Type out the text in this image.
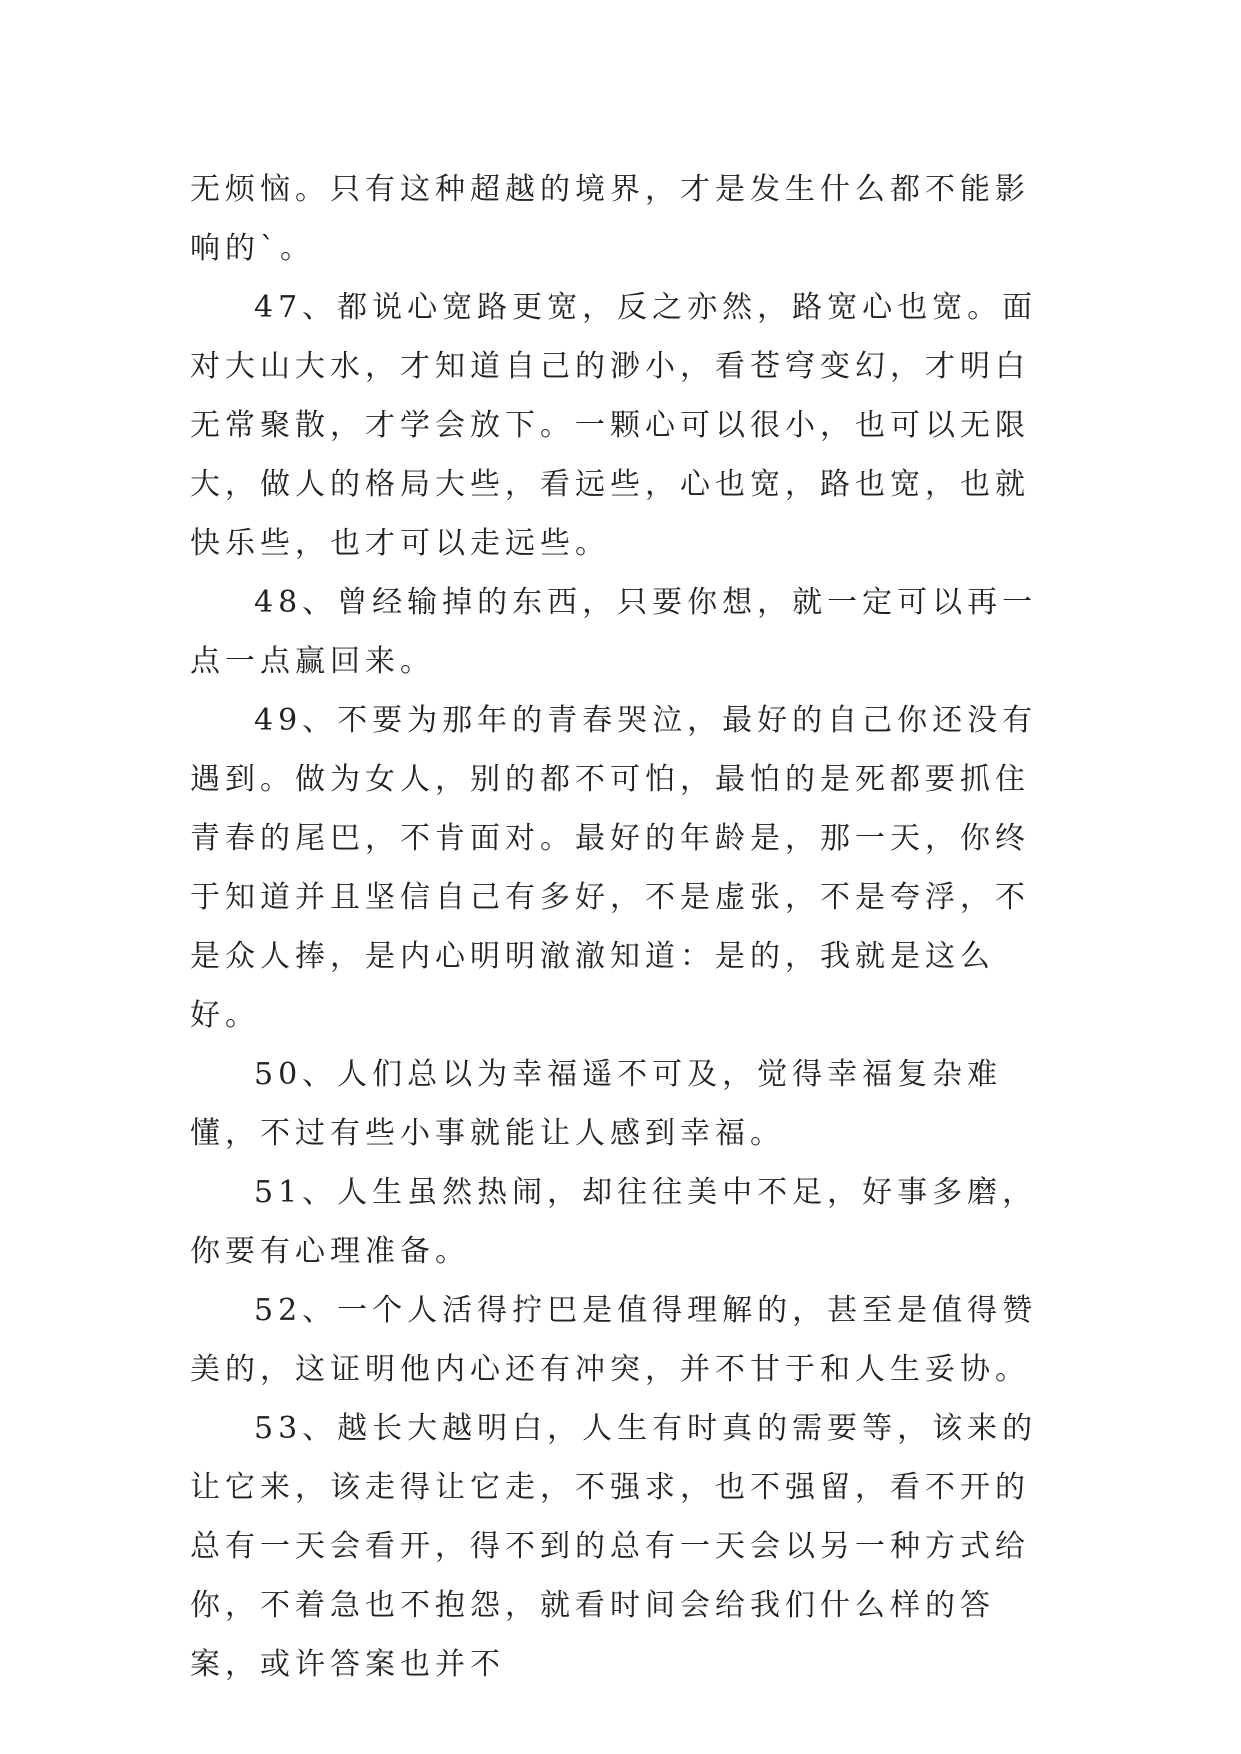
无烦恼。只有这种超越的境界，才是发生什么都不能影响的`。

47、都说心宽路更宽，反之亦然，路宽心也宽。面对大山大水，才知道自己的渺小，看苍穹变幻，才明白无常聚散，才学会放下。一颗心可以很小，也可以无限大，做人的格局大些，看远些，心也宽，路也宽，也就快乐些，也才可以走远些。

48、曾经输掉的东西，只要你想，就一定可以再一点一点赢回来。

49、不要为那年的青春哭泣，最好的自己你还没有遇到。做为女人，别的都不可怕，最怕的是死都要抓住青春的尾巴，不肯面对。最好的年龄是，那一天，你终于知道并且坚信自己有多好，不是虚张，不是夸浮，不是众人捧，是内心明明澈澈知道：是的，我就是这么好。

50、人们总以为幸福遥不可及，觉得幸福复杂难懂，不过有些小事就能让人感到幸福。

51、人生虽然热闹，却往往美中不足，好事多磨，你要有心理准备。

52、一个人活得拧巴是值得理解的，甚至是值得赞美的，这证明他内心还有冲突，并不甘于和人生妥协。

53、越长大越明白，人生有时真的需要等，该来的让它来，该走得让它走，不强求，也不强留，看不开的总有一天会看开，得不到的总有一天会以另一种方式给你，不着急也不抱怨，就看时间会给我们什么样的答案，或许答案也并不
